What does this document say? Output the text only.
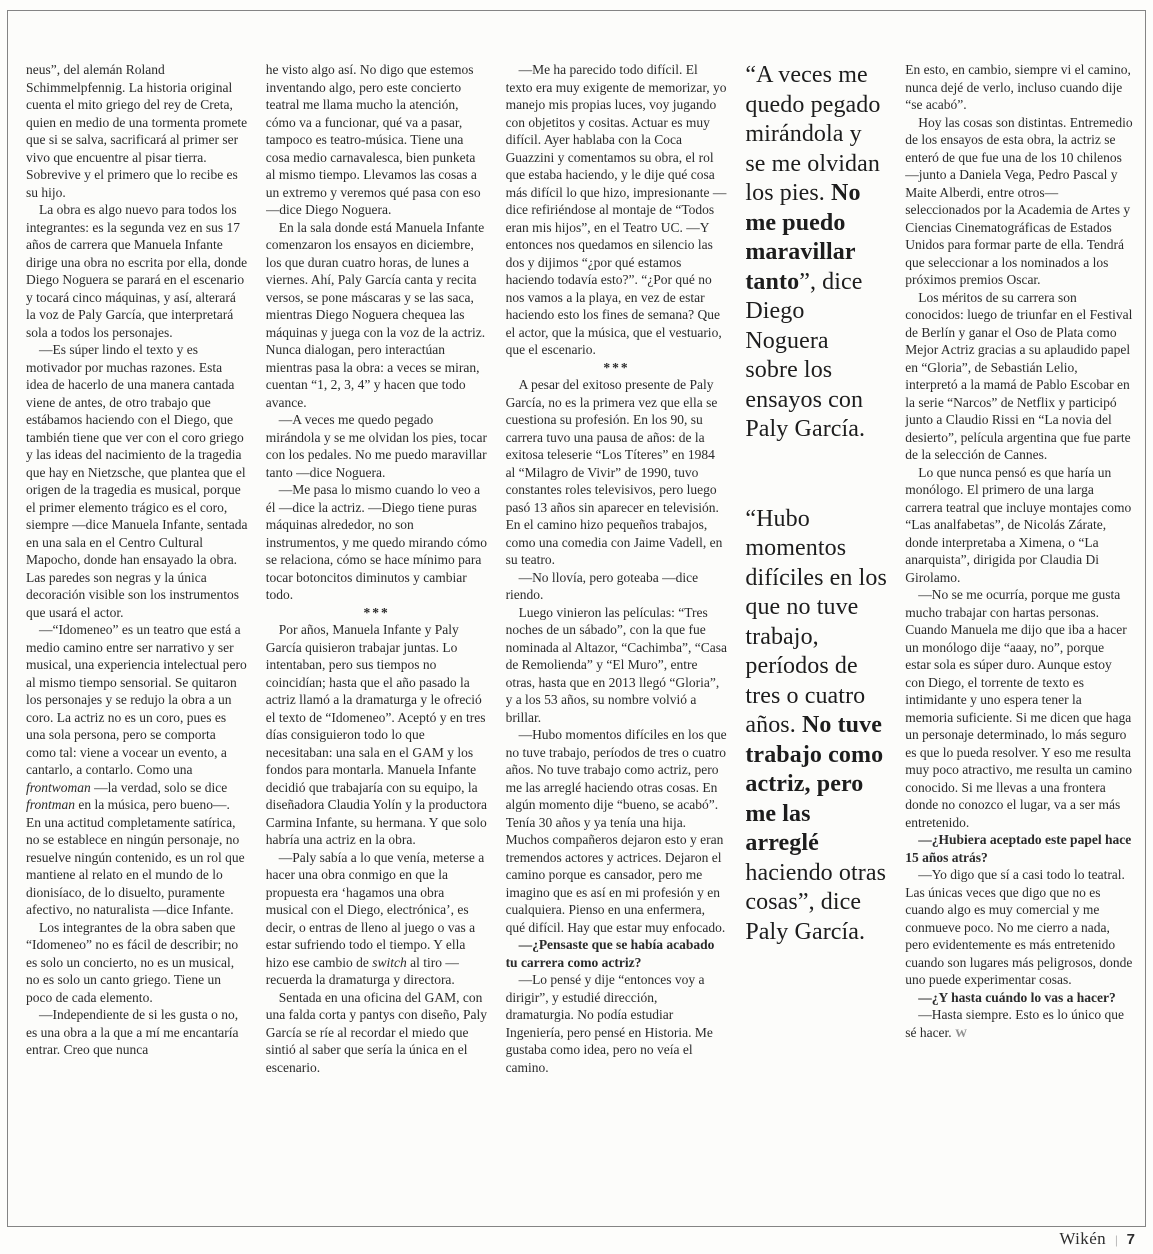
neus”, del alemán Roland Schimmelpfennig. La historia original cuenta el mito griego del rey de Creta, quien en medio de una tormenta promete que si se salva, sacrificará al primer ser vivo que encuentre al pisar tierra. Sobrevive y el primero que lo recibe es su hijo.

La obra es algo nuevo para todos los integrantes: es la segunda vez en sus 17 años de carrera que Manuela Infante dirige una obra no escrita por ella, donde Diego Noguera se parará en el escenario y tocará cinco máquinas, y así, alterará la voz de Paly García, que interpretará sola a todos los personajes.

—Es súper lindo el texto y es motivador por muchas razones. Esta idea de hacerlo de una manera cantada viene de antes, de otro trabajo que estábamos haciendo con el Diego, que también tiene que ver con el coro griego y las ideas del nacimiento de la tragedia que hay en Nietzsche, que plantea que el origen de la tragedia es musical, porque el primer elemento trágico es el coro, siempre —dice Manuela Infante, sentada en una sala en el Centro Cultural Mapocho, donde han ensayado la obra. Las paredes son negras y la única decoración visible son los instrumentos que usará el actor.

—“Idomeneo” es un teatro que está a medio camino entre ser narrativo y ser musical, una experiencia intelectual pero al mismo tiempo sensorial. Se quitaron los personajes y se redujo la obra a un coro. La actriz no es un coro, pues es una sola persona, pero se comporta como tal: viene a vocear un evento, a cantarlo, a contarlo. Como una frontwoman —la verdad, solo se dice frontman en la música, pero bueno—. En una actitud completamente satírica, no se establece en ningún personaje, no resuelve ningún contenido, es un rol que mantiene al relato en el mundo de lo dionisíaco, de lo disuelto, puramente afectivo, no naturalista —dice Infante.

Los integrantes de la obra saben que “Idomeneo” no es fácil de describir; no es solo un concierto, no es un musical, no es solo un canto griego. Tiene un poco de cada elemento.

—Independiente de si les gusta o no, es una obra a la que a mí me encantaría entrar. Creo que nunca

he visto algo así. No digo que estemos inventando algo, pero este concierto teatral me llama mucho la atención, cómo va a funcionar, qué va a pasar, tampoco es teatro-música. Tiene una cosa medio carnavalesca, bien punketa al mismo tiempo. Llevamos las cosas a un extremo y veremos qué pasa con eso —dice Diego Noguera.

En la sala donde está Manuela Infante comenzaron los ensayos en diciembre, los que duran cuatro horas, de lunes a viernes. Ahí, Paly García canta y recita versos, se pone máscaras y se las saca, mientras Diego Noguera chequea las máquinas y juega con la voz de la actriz. Nunca dialogan, pero interactúan mientras pasa la obra: a veces se miran, cuentan “1, 2, 3, 4” y hacen que todo avance.

—A veces me quedo pegado mirándola y se me olvidan los pies, tocar con los pedales. No me puedo maravillar tanto —dice Noguera.

—Me pasa lo mismo cuando lo veo a él —dice la actriz. —Diego tiene puras máquinas alrededor, no son instrumentos, y me quedo mirando cómo se relaciona, cómo se hace mínimo para tocar botoncitos diminutos y cambiar todo.

***

Por años, Manuela Infante y Paly García quisieron trabajar juntas. Lo intentaban, pero sus tiempos no coincidían; hasta que el año pasado la actriz llamó a la dramaturga y le ofreció el texto de “Idomeneo”. Aceptó y en tres días consiguieron todo lo que necesitaban: una sala en el GAM y los fondos para montarla. Manuela Infante decidió que trabajaría con su equipo, la diseñadora Claudia Yolín y la productora Carmina Infante, su hermana. Y que solo habría una actriz en la obra.

—Paly sabía a lo que venía, meterse a hacer una obra conmigo en que la propuesta era ‘hagamos una obra musical con el Diego, electrónica’, es decir, o entras de lleno al juego o vas a estar sufriendo todo el tiempo. Y ella hizo ese cambio de switch al tiro —recuerda la dramaturga y directora.

Sentada en una oficina del GAM, con una falda corta y pantys con diseño, Paly García se ríe al recordar el miedo que sintió al saber que sería la única en el escenario.

—Me ha parecido todo difícil. El texto era muy exigente de memorizar, yo manejo mis propias luces, voy jugando con objetitos y cositas. Actuar es muy difícil. Ayer hablaba con la Coca Guazzini y comentamos su obra, el rol que estaba haciendo, y le dije qué cosa más difícil lo que hizo, impresionante —dice refiriéndose al montaje de “Todos eran mis hijos”, en el Teatro UC. —Y entonces nos quedamos en silencio las dos y dijimos “¿por qué estamos haciendo todavía esto?”. “¿Por qué no nos vamos a la playa, en vez de estar haciendo esto los fines de semana? Que el actor, que la música, que el vestuario, que el escenario.

***

A pesar del exitoso presente de Paly García, no es la primera vez que ella se cuestiona su profesión. En los 90, su carrera tuvo una pausa de años: de la exitosa teleserie “Los Títeres” en 1984 al “Milagro de Vivir” de 1990, tuvo constantes roles televisivos, pero luego pasó 13 años sin aparecer en televisión. En el camino hizo pequeños trabajos, como una comedia con Jaime Vadell, en su teatro.

—No llovía, pero goteaba —dice riendo.

Luego vinieron las películas: “Tres noches de un sábado”, con la que fue nominada al Altazor, “Cachimba”, “Casa de Remolienda” y “El Muro”, entre otras, hasta que en 2013 llegó “Gloria”, y a los 53 años, su nombre volvió a brillar.

—Hubo momentos difíciles en los que no tuve trabajo, períodos de tres o cuatro años. No tuve trabajo como actriz, pero me las arreglé haciendo otras cosas. En algún momento dije “bueno, se acabó”. Tenía 30 años y ya tenía una hija. Muchos compañeros dejaron esto y eran tremendos actores y actrices. Dejaron el camino porque es cansador, pero me imagino que es así en mi profesión y en cualquiera. Pienso en una enfermera, qué difícil. Hay que estar muy enfocado.

—¿Pensaste que se había acabado tu carrera como actriz?

—Lo pensé y dije “entonces voy a dirigir”, y estudié dirección, dramaturgia. No podía estudiar Ingeniería, pero pensé en Historia. Me gustaba como idea, pero no veía el camino.

“A veces me quedo pegado mirándola y se me olvidan los pies. No me puedo maravillar tanto”, dice Diego Noguera sobre los ensayos con Paly García.
“Hubo momentos difíciles en los que no tuve trabajo, períodos de tres o cuatro años. No tuve trabajo como actriz, pero me las arreglé haciendo otras cosas”, dice Paly García.

En esto, en cambio, siempre vi el camino, nunca dejé de verlo, incluso cuando dije “se acabó”.

Hoy las cosas son distintas. Entremedio de los ensayos de esta obra, la actriz se enteró de que fue una de los 10 chilenos —junto a Daniela Vega, Pedro Pascal y Maite Alberdi, entre otros— seleccionados por la Academia de Artes y Ciencias Cinematográficas de Estados Unidos para formar parte de ella. Tendrá que seleccionar a los nominados a los próximos premios Oscar.

Los méritos de su carrera son conocidos: luego de triunfar en el Festival de Berlín y ganar el Oso de Plata como Mejor Actriz gracias a su aplaudido papel en “Gloria”, de Sebastián Lelio, interpretó a la mamá de Pablo Escobar en la serie “Narcos” de Netflix y participó junto a Claudio Rissi en “La novia del desierto”, película argentina que fue parte de la selección de Cannes.

Lo que nunca pensó es que haría un monólogo. El primero de una larga carrera teatral que incluye montajes como “Las analfabetas”, de Nicolás Zárate, donde interpretaba a Ximena, o “La anarquista”, dirigida por Claudia Di Girolamo.

—No se me ocurría, porque me gusta mucho trabajar con hartas personas. Cuando Manuela me dijo que iba a hacer un monólogo dije “aaay, no”, porque estar sola es súper duro. Aunque estoy con Diego, el torrente de texto es intimidante y uno espera tener la memoria suficiente. Si me dicen que haga un personaje determinado, lo más seguro es que lo pueda resolver. Y eso me resulta muy poco atractivo, me resulta un camino conocido. Si me llevas a una frontera donde no conozco el lugar, va a ser más entretenido.

—¿Hubiera aceptado este papel hace 15 años atrás?

—Yo digo que sí a casi todo lo teatral. Las únicas veces que digo que no es cuando algo es muy comercial y me conmueve poco. No me cierro a nada, pero evidentemente es más entretenido cuando son lugares más peligrosos, donde uno puede experimentar cosas.

—¿Y hasta cuándo lo vas a hacer?

—Hasta siempre. Esto es lo único que sé hacer. W

Wikén | 7
